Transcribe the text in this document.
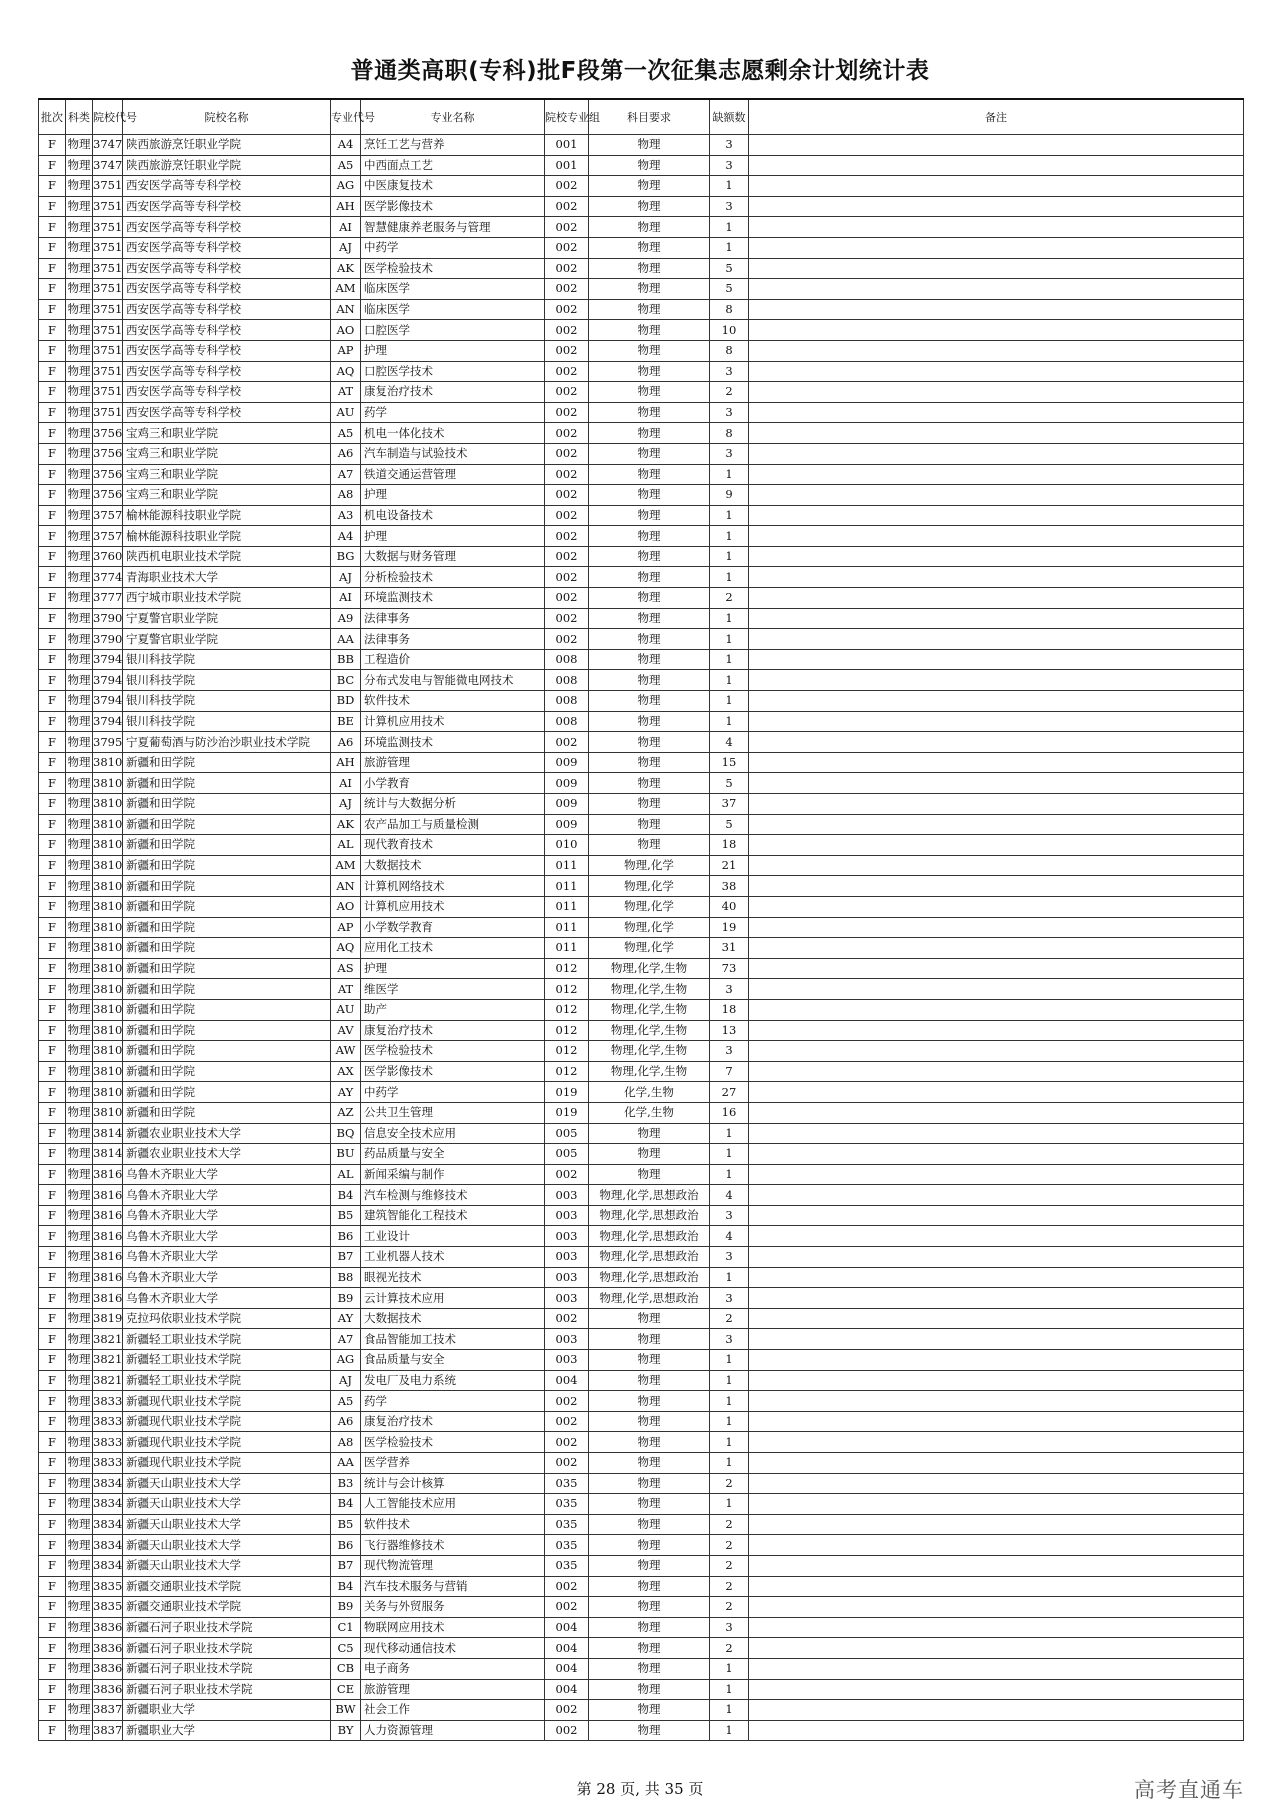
普通类高职(专科)批F段第一次征集志愿剩余计划统计表
批次	科类	院校代号	院校名称	专业代号	专业名称	院校专业组	科目要求	缺额数	备注
F	物理	3747	陕西旅游烹饪职业学院	A4	烹饪工艺与营养	001	物理	3	
F	物理	3747	陕西旅游烹饪职业学院	A5	中西面点工艺	001	物理	3	
F	物理	3751	西安医学高等专科学校	AG	中医康复技术	002	物理	1	
F	物理	3751	西安医学高等专科学校	AH	医学影像技术	002	物理	3	
F	物理	3751	西安医学高等专科学校	AI	智慧健康养老服务与管理	002	物理	1	
F	物理	3751	西安医学高等专科学校	AJ	中药学	002	物理	1	
F	物理	3751	西安医学高等专科学校	AK	医学检验技术	002	物理	5	
F	物理	3751	西安医学高等专科学校	AM	临床医学	002	物理	5	
F	物理	3751	西安医学高等专科学校	AN	临床医学	002	物理	8	
F	物理	3751	西安医学高等专科学校	AO	口腔医学	002	物理	10	
F	物理	3751	西安医学高等专科学校	AP	护理	002	物理	8	
F	物理	3751	西安医学高等专科学校	AQ	口腔医学技术	002	物理	3	
F	物理	3751	西安医学高等专科学校	AT	康复治疗技术	002	物理	2	
F	物理	3751	西安医学高等专科学校	AU	药学	002	物理	3	
F	物理	3756	宝鸡三和职业学院	A5	机电一体化技术	002	物理	8	
F	物理	3756	宝鸡三和职业学院	A6	汽车制造与试验技术	002	物理	3	
F	物理	3756	宝鸡三和职业学院	A7	铁道交通运营管理	002	物理	1	
F	物理	3756	宝鸡三和职业学院	A8	护理	002	物理	9	
F	物理	3757	榆林能源科技职业学院	A3	机电设备技术	002	物理	1	
F	物理	3757	榆林能源科技职业学院	A4	护理	002	物理	1	
F	物理	3760	陕西机电职业技术学院	BG	大数据与财务管理	002	物理	1	
F	物理	3774	青海职业技术大学	AJ	分析检验技术	002	物理	1	
F	物理	3777	西宁城市职业技术学院	AI	环境监测技术	002	物理	2	
F	物理	3790	宁夏警官职业学院	A9	法律事务	002	物理	1	
F	物理	3790	宁夏警官职业学院	AA	法律事务	002	物理	1	
F	物理	3794	银川科技学院	BB	工程造价	008	物理	1	
F	物理	3794	银川科技学院	BC	分布式发电与智能微电网技术	008	物理	1	
F	物理	3794	银川科技学院	BD	软件技术	008	物理	1	
F	物理	3794	银川科技学院	BE	计算机应用技术	008	物理	1	
F	物理	3795	宁夏葡萄酒与防沙治沙职业技术学院	A6	环境监测技术	002	物理	4	
F	物理	3810	新疆和田学院	AH	旅游管理	009	物理	15	
F	物理	3810	新疆和田学院	AI	小学教育	009	物理	5	
F	物理	3810	新疆和田学院	AJ	统计与大数据分析	009	物理	37	
F	物理	3810	新疆和田学院	AK	农产品加工与质量检测	009	物理	5	
F	物理	3810	新疆和田学院	AL	现代教育技术	010	物理	18	
F	物理	3810	新疆和田学院	AM	大数据技术	011	物理,化学	21	
F	物理	3810	新疆和田学院	AN	计算机网络技术	011	物理,化学	38	
F	物理	3810	新疆和田学院	AO	计算机应用技术	011	物理,化学	40	
F	物理	3810	新疆和田学院	AP	小学数学教育	011	物理,化学	19	
F	物理	3810	新疆和田学院	AQ	应用化工技术	011	物理,化学	31	
F	物理	3810	新疆和田学院	AS	护理	012	物理,化学,生物	73	
F	物理	3810	新疆和田学院	AT	维医学	012	物理,化学,生物	3	
F	物理	3810	新疆和田学院	AU	助产	012	物理,化学,生物	18	
F	物理	3810	新疆和田学院	AV	康复治疗技术	012	物理,化学,生物	13	
F	物理	3810	新疆和田学院	AW	医学检验技术	012	物理,化学,生物	3	
F	物理	3810	新疆和田学院	AX	医学影像技术	012	物理,化学,生物	7	
F	物理	3810	新疆和田学院	AY	中药学	019	化学,生物	27	
F	物理	3810	新疆和田学院	AZ	公共卫生管理	019	化学,生物	16	
F	物理	3814	新疆农业职业技术大学	BQ	信息安全技术应用	005	物理	1	
F	物理	3814	新疆农业职业技术大学	BU	药品质量与安全	005	物理	1	
F	物理	3816	乌鲁木齐职业大学	AL	新闻采编与制作	002	物理	1	
F	物理	3816	乌鲁木齐职业大学	B4	汽车检测与维修技术	003	物理,化学,思想政治	4	
F	物理	3816	乌鲁木齐职业大学	B5	建筑智能化工程技术	003	物理,化学,思想政治	3	
F	物理	3816	乌鲁木齐职业大学	B6	工业设计	003	物理,化学,思想政治	4	
F	物理	3816	乌鲁木齐职业大学	B7	工业机器人技术	003	物理,化学,思想政治	3	
F	物理	3816	乌鲁木齐职业大学	B8	眼视光技术	003	物理,化学,思想政治	1	
F	物理	3816	乌鲁木齐职业大学	B9	云计算技术应用	003	物理,化学,思想政治	3	
F	物理	3819	克拉玛依职业技术学院	AY	大数据技术	002	物理	2	
F	物理	3821	新疆轻工职业技术学院	A7	食品智能加工技术	003	物理	3	
F	物理	3821	新疆轻工职业技术学院	AG	食品质量与安全	003	物理	1	
F	物理	3821	新疆轻工职业技术学院	AJ	发电厂及电力系统	004	物理	1	
F	物理	3833	新疆现代职业技术学院	A5	药学	002	物理	1	
F	物理	3833	新疆现代职业技术学院	A6	康复治疗技术	002	物理	1	
F	物理	3833	新疆现代职业技术学院	A8	医学检验技术	002	物理	1	
F	物理	3833	新疆现代职业技术学院	AA	医学营养	002	物理	1	
F	物理	3834	新疆天山职业技术大学	B3	统计与会计核算	035	物理	2	
F	物理	3834	新疆天山职业技术大学	B4	人工智能技术应用	035	物理	1	
F	物理	3834	新疆天山职业技术大学	B5	软件技术	035	物理	2	
F	物理	3834	新疆天山职业技术大学	B6	飞行器维修技术	035	物理	2	
F	物理	3834	新疆天山职业技术大学	B7	现代物流管理	035	物理	2	
F	物理	3835	新疆交通职业技术学院	B4	汽车技术服务与营销	002	物理	2	
F	物理	3835	新疆交通职业技术学院	B9	关务与外贸服务	002	物理	2	
F	物理	3836	新疆石河子职业技术学院	C1	物联网应用技术	004	物理	3	
F	物理	3836	新疆石河子职业技术学院	C5	现代移动通信技术	004	物理	2	
F	物理	3836	新疆石河子职业技术学院	CB	电子商务	004	物理	1	
F	物理	3836	新疆石河子职业技术学院	CE	旅游管理	004	物理	1	
F	物理	3837	新疆职业大学	BW	社会工作	002	物理	1	
F	物理	3837	新疆职业大学	BY	人力资源管理	002	物理	1	
第 28 页, 共 35 页	高考直通车
